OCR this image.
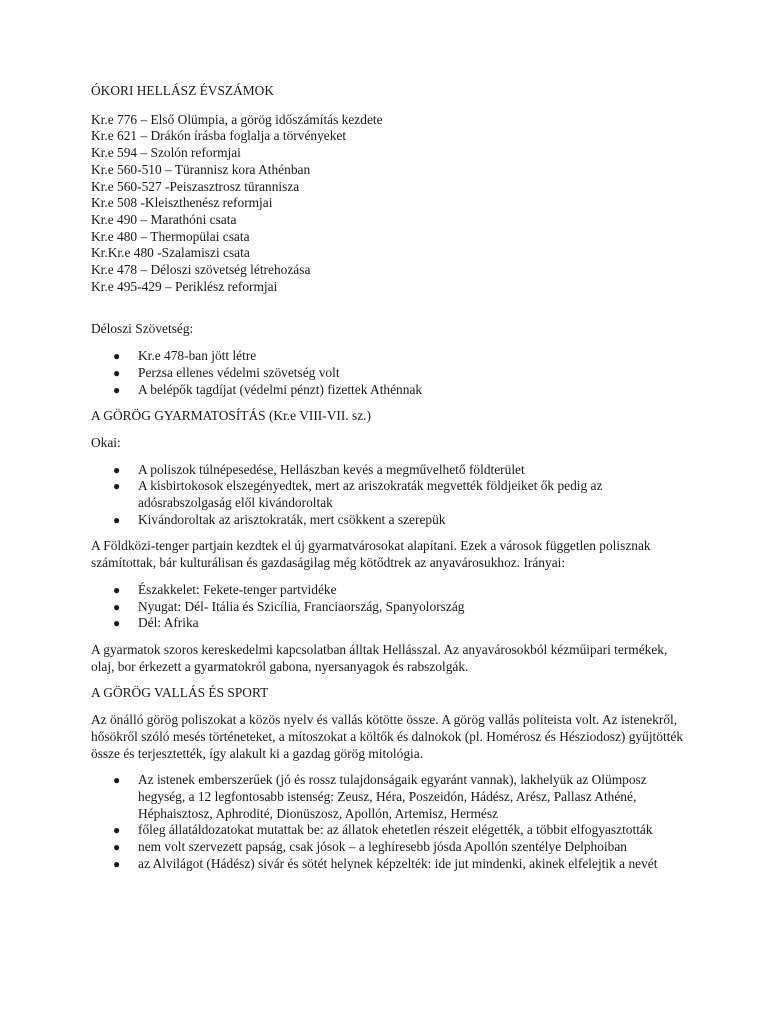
ÓKORI HELLÁSZ ÉVSZÁMOK

Kr.e 776 – Első Olümpia, a görög időszámítás kezdete

Kr.e 621 – Drákón írásba foglalja a törvényeket

Kr.e 594 – Szolón reformjai

Kr.e 560-510 – Türannisz kora Athénban

Kr.e 560-527 -Peiszasztrosz türannisza

Kr.e 508 -Kleiszthenész reformjai

Kr.e 490 – Marathóni csata

Kr.e 480 – Thermopülai csata

Kr.Kr.e 480 -Szalamiszi csata

Kr.e 478 – Déloszi szövetség létrehozása

Kr.e 495-429 – Periklész reformjai

Déloszi Szövetség:

● Kr.e 478-ban jött létre
● Perzsa ellenes védelmi szövetség volt
● A belépők tagdíjat (védelmi pénzt) fizettek Athénnak

A GÖRÖG GYARMATOSÍTÁS (Kr.e VIII-VII. sz.)

Okai:

● A poliszok túlnépesedése, Hellászban kevés a megművelhető földterület
● A kisbirtokosok elszegényedtek, mert az ariszokraták megvették földjeiket ők pedig az adósrabszolgaság elől kivándoroltak
● Kivándoroltak az arisztokraták, mert csökkent a szerepük

A Földközi-tenger partjain kezdtek el új gyarmatvárosokat alapítani. Ezek a városok független polisznak számítottak, bár kulturálisan és gazdaságilag még kötődtrek az anyavárosukhoz. Irányai:

● Északkelet: Fekete-tenger partvidéke
● Nyugat: Dél- Itália és Szicília, Franciaország, Spanyolország
● Dél: Afrika

A gyarmatok szoros kereskedelmi kapcsolatban álltak Hellásszal. Az anyavárosokból kézműipari termékek, olaj, bor érkezett a gyarmatokról gabona, nyersanyagok és rabszolgák.

A GÖRÖG VALLÁS ÉS SPORT

Az önálló görög poliszokat a közös nyelv és vallás kötötte össze. A görög vallás politeista volt. Az istenekről, hősökről szóló mesés történeteket, a mítoszokat a költők és dalnokok (pl. Homérosz és Hésziodosz) gyűjtötték össze és terjesztették, így alakult ki a gazdag görög mitológia.

● Az istenek emberszerűek (jó és rossz tulajdonságaik egyaránt vannak), lakhelyük az Olümposz hegység, a 12 legfontosabb istenség: Zeusz, Héra, Poszeidón, Hádész, Arész, Pallasz Athéné, Héphaisztosz, Aphrodité, Dionüszosz, Apollón, Artemisz, Hermész
● főleg állatáldozatokat mutattak be: az állatok ehetetlen részeit elégették, a többit elfogyasztották
● nem volt szervezett papság, csak jósok – a leghíresebb jósda Apollón szentélye Delphoiban
● az Alvilágot (Hádész) sivár és sötét helynek képzelték: ide jut mindenki, akinek elfelejtik a nevét
